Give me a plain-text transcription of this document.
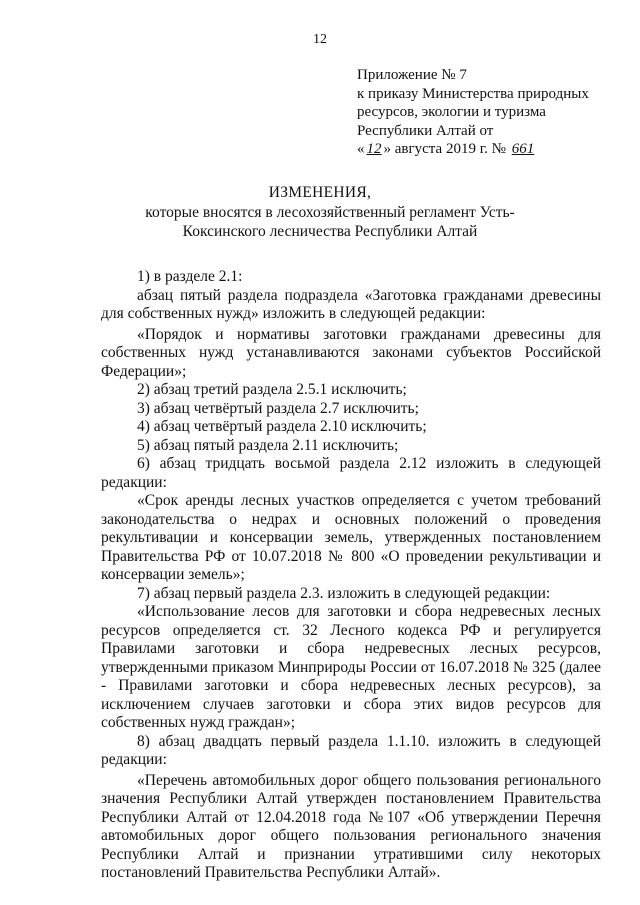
12
Приложение № 7
к приказу Министерства природных
ресурсов, экологии и туризма
Республики Алтай от
« 12 » августа 2019 г. № 661
ИЗМЕНЕНИЯ,
которые вносятся в лесохозяйственный регламент Усть-Коксинского лесничества Республики Алтай

1) в разделе 2.1:

абзац пятый раздела подраздела «Заготовка гражданами древесины для собственных нужд» изложить в следующей редакции:

«Порядок и нормативы заготовки гражданами древесины для собственных нужд устанавливаются законами субъектов Российской Федерации»;

2) абзац третий раздела 2.5.1 исключить;

3) абзац четвёртый раздела 2.7 исключить;

4) абзац четвёртый раздела 2.10 исключить;

5) абзац пятый раздела 2.11 исключить;

6) абзац тридцать восьмой раздела 2.12 изложить в следующей редакции:

«Срок аренды лесных участков определяется с учетом требований законодательства о недрах и основных положений о проведения рекультивации и консервации земель, утвержденных постановлением Правительства РФ от 10.07.2018 № 800 «О проведении рекультивации и консервации земель»;

7) абзац первый раздела 2.3. изложить в следующей редакции:

«Использование лесов для заготовки и сбора недревесных лесных ресурсов определяется ст. 32 Лесного кодекса РФ и регулируется Правилами заготовки и сбора недревесных лесных ресурсов, утвержденными приказом Минприроды России от 16.07.2018 № 325 (далее - Правилами заготовки и сбора недревесных лесных ресурсов), за исключением случаев заготовки и сбора этих видов ресурсов для собственных нужд граждан»;

8) абзац двадцать первый раздела 1.1.10. изложить в следующей редакции:

«Перечень автомобильных дорог общего пользования регионального значения Республики Алтай утвержден постановлением Правительства Республики Алтай от 12.04.2018 года №107 «Об утверждении Перечня автомобильных дорог общего пользования регионального значения Республики Алтай и признании утратившими силу некоторых постановлений Правительства Республики Алтай».
